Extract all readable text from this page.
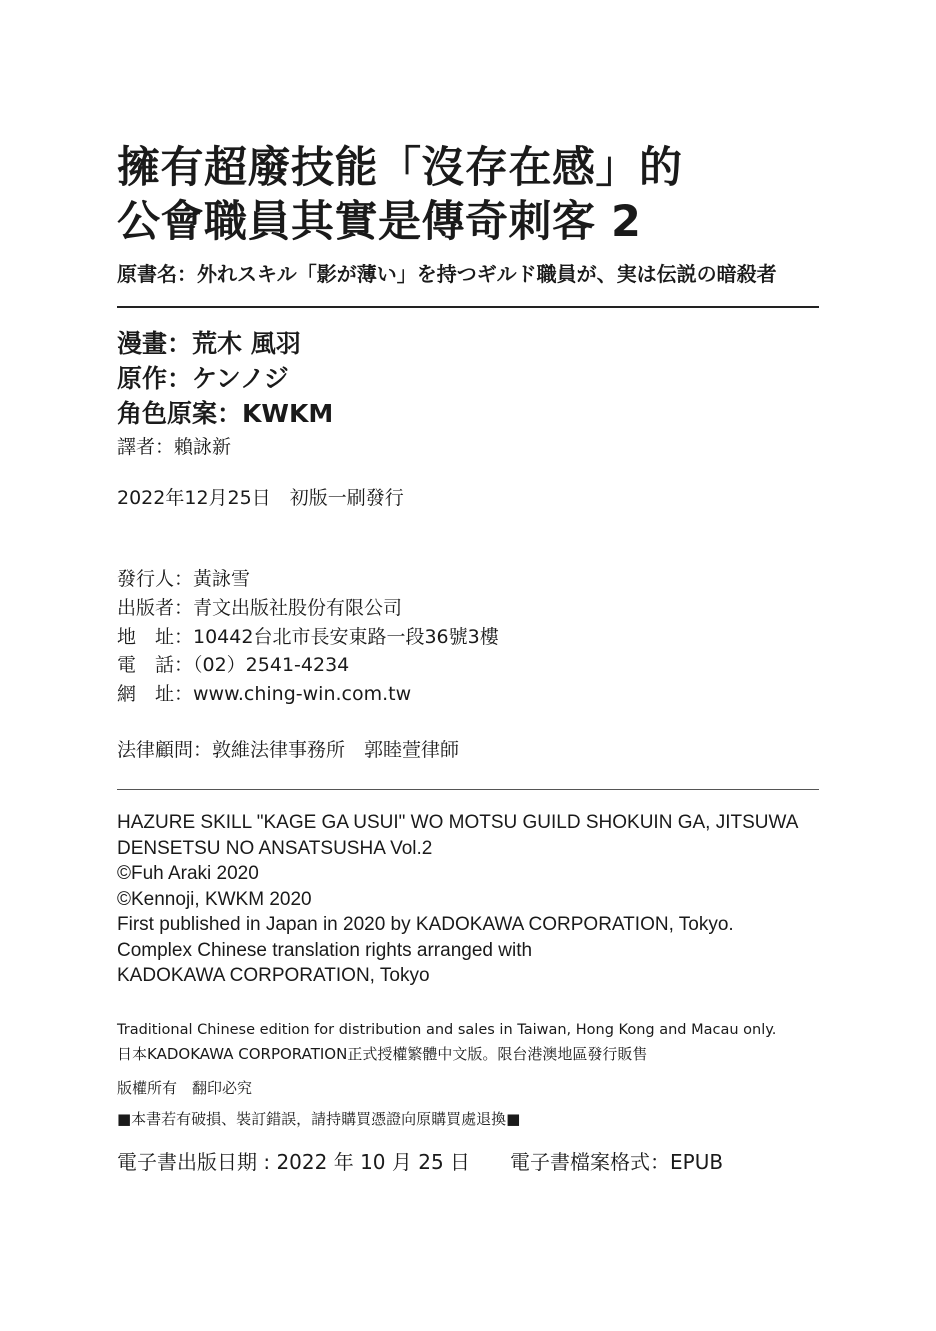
擁有超廢技能「沒存在感」的

公會職員其實是傳奇刺客 2

原書名：外れスキル「影が薄い」を持つギルド職員が、実は伝説の暗殺者

漫畫：荒木 風羽

原作：ケンノジ

角色原案：KWKM

譯者：賴詠新

2022年12月25日　初版一刷發行

發行人：黃詠雪

出版者：青文出版社股份有限公司

地　址：10442台北市長安東路一段36號3樓

電　話：（02）2541-4234

網　址：www.ching-win.com.tw

法律顧問：敦維法律事務所　郭睦萱律師

HAZURE SKILL "KAGE GA USUI" WO MOTSU GUILD SHOKUIN GA, JITSUWA

DENSETSU NO ANSATSUSHA Vol.2

©Fuh Araki 2020

©Kennoji, KWKM 2020

First published in Japan in 2020 by KADOKAWA CORPORATION, Tokyo.

Complex Chinese translation rights arranged with

KADOKAWA CORPORATION, Tokyo

Traditional Chinese edition for distribution and sales in Taiwan, Hong Kong and Macau only.

日本KADOKAWA CORPORATION正式授權繁體中文版。限台港澳地區發行販售

版權所有　翻印必究

■本書若有破損、裝訂錯誤，請持購買憑證向原購買處退換■

電子書出版日期 : 2022 年 10 月 25 日 電子書檔案格式：EPUB
